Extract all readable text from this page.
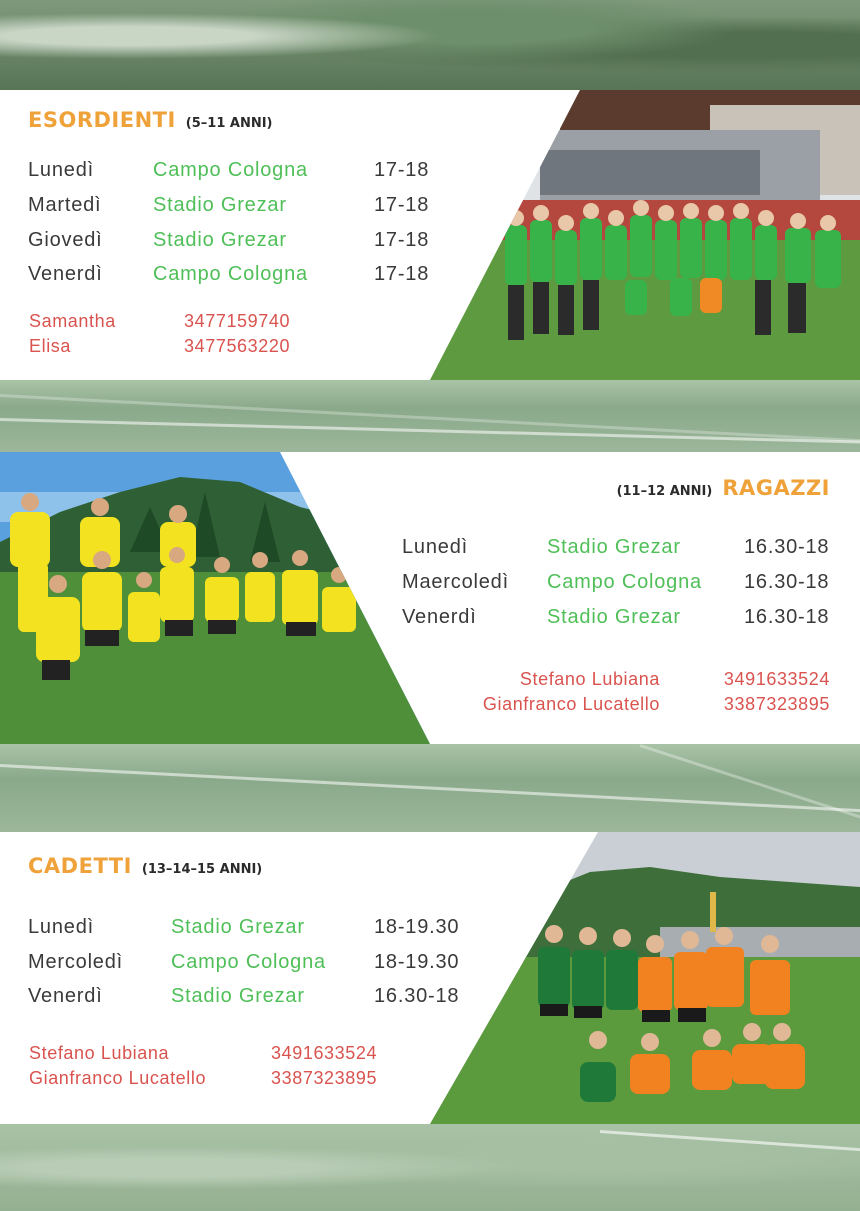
ESORDIENTI (5–11 ANNI)
Lunedì	Campo Cologna	17-18
Martedì	Stadio Grezar	17-18
Giovedì	Stadio Grezar	17-18
Venerdì	Campo Cologna	17-18
Samantha	3477159740
Elisa	3477563220
(11–12 ANNI) RAGAZZI
Lunedì	Stadio Grezar	16.30-18
Maercoledì Campo Cologna 16.30-18
Venerdì	Stadio Grezar	16.30-18
Stefano Lubiana	3491633524
Gianfranco Lucatello	3387323895
CADETTI (13–14–15 ANNI)
Lunedì	Stadio Grezar	18-19.30
Mercoledì Campo Cologna 18-19.30
Venerdì	Stadio Grezar	16.30-18
Stefano Lubiana	3491633524
Gianfranco Lucatello	3387323895
